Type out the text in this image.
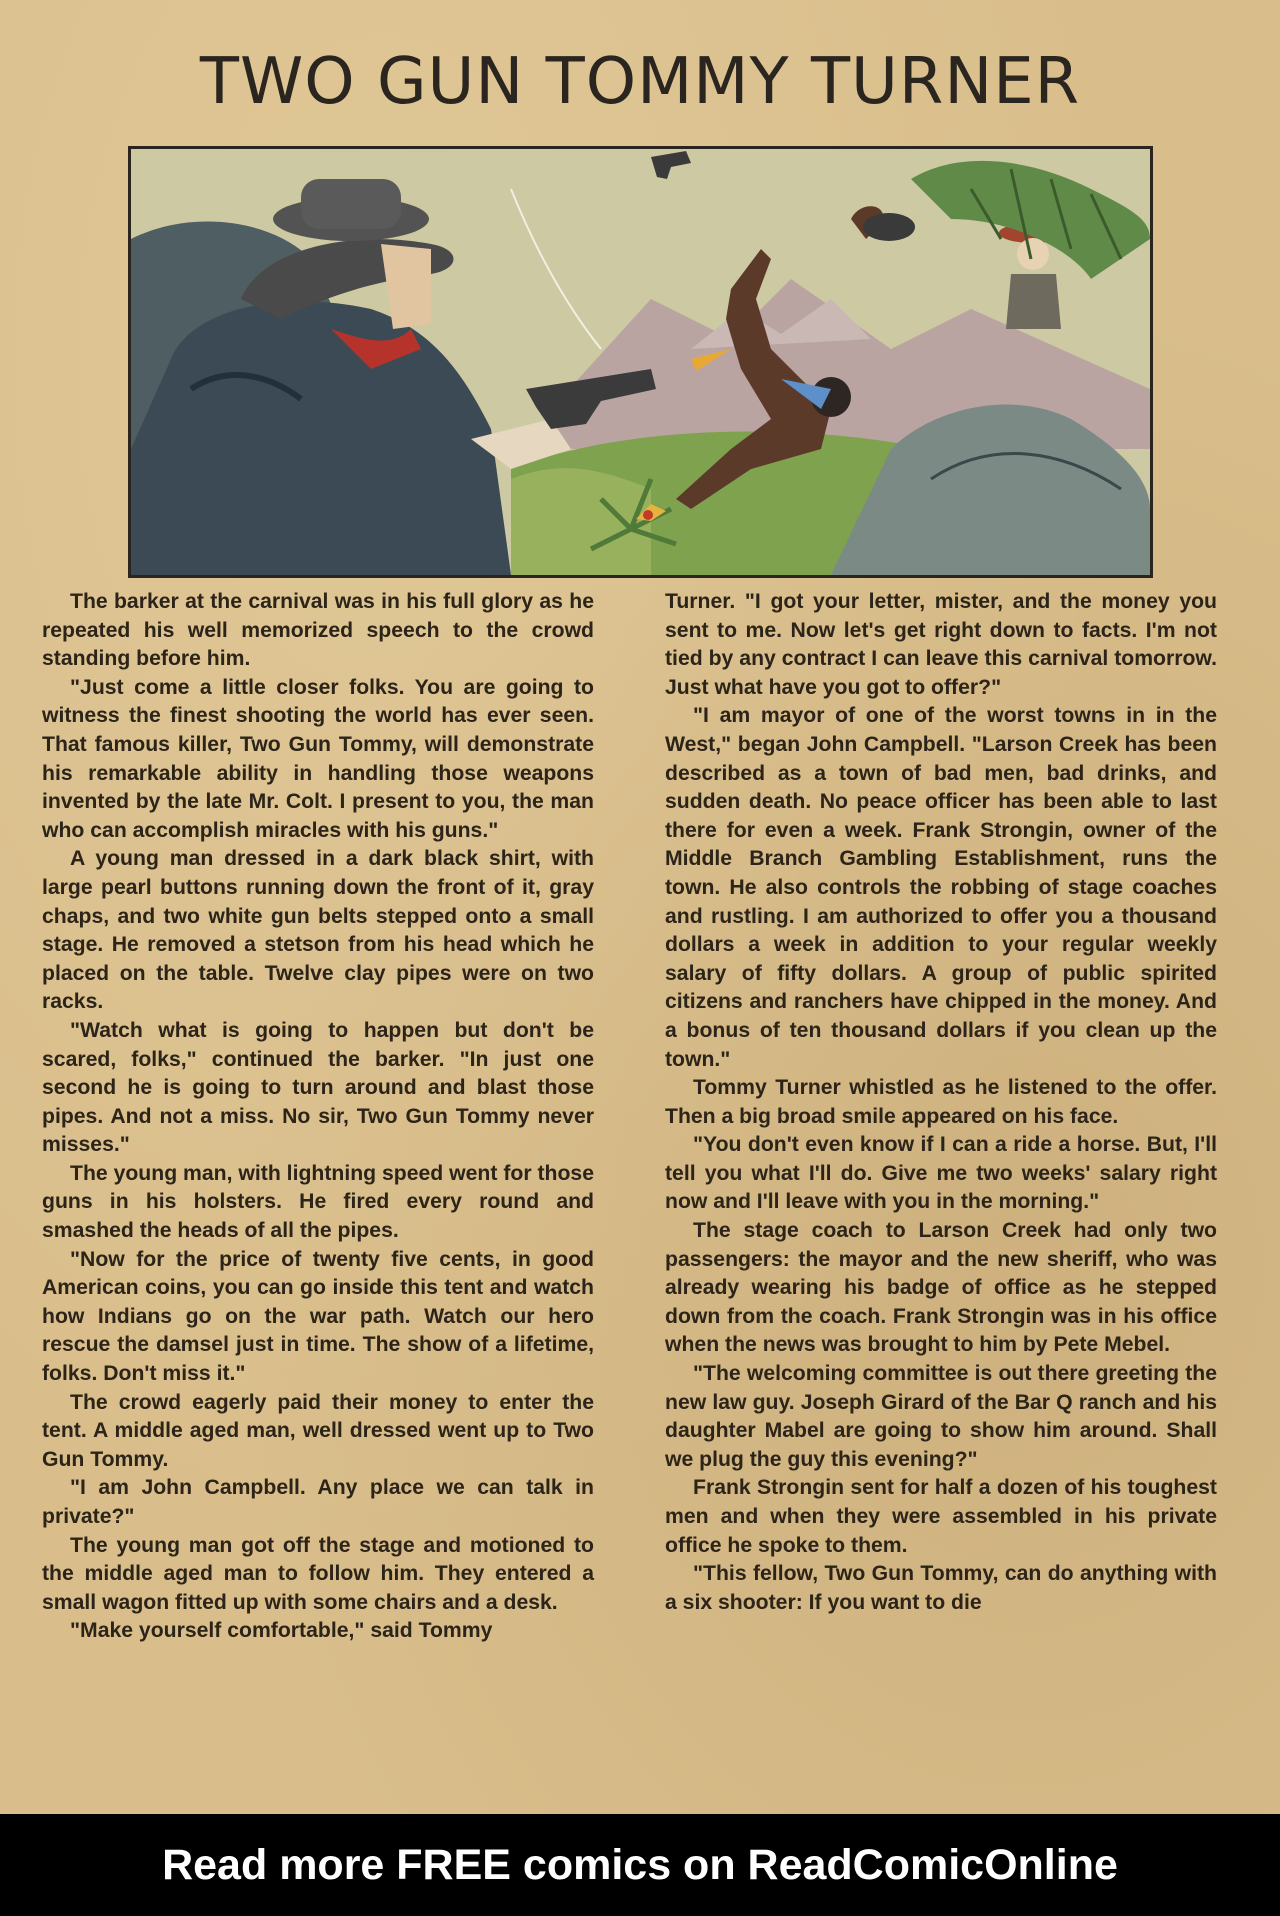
TWO GUN TOMMY TURNER

The barker at the carnival was in his full glory as he repeated his well memorized speech to the crowd standing before him.

"Just come a little closer folks. You are going to witness the finest shooting the world has ever seen. That famous killer, Two Gun Tommy, will demonstrate his remarkable ability in handling those weapons invented by the late Mr. Colt. I present to you, the man who can accomplish miracles with his guns."

A young man dressed in a dark black shirt, with large pearl buttons running down the front of it, gray chaps, and two white gun belts stepped onto a small stage. He removed a stetson from his head which he placed on the table. Twelve clay pipes were on two racks.

"Watch what is going to happen but don't be scared, folks," continued the barker. "In just one second he is going to turn around and blast those pipes. And not a miss. No sir, Two Gun Tommy never misses."

The young man, with lightning speed went for those guns in his holsters. He fired every round and smashed the heads of all the pipes.

"Now for the price of twenty five cents, in good American coins, you can go inside this tent and watch how Indians go on the war path. Watch our hero rescue the damsel just in time. The show of a lifetime, folks. Don't miss it."

The crowd eagerly paid their money to enter the tent. A middle aged man, well dressed went up to Two Gun Tommy.

"I am John Campbell. Any place we can talk in private?"

The young man got off the stage and motioned to the middle aged man to follow him. They entered a small wagon fitted up with some chairs and a desk.

"Make yourself comfortable," said Tommy

Turner. "I got your letter, mister, and the money you sent to me. Now let's get right down to facts. I'm not tied by any contract I can leave this carnival tomorrow. Just what have you got to offer?"

"I am mayor of one of the worst towns in in the West," began John Campbell. "Larson Creek has been described as a town of bad men, bad drinks, and sudden death. No peace officer has been able to last there for even a week. Frank Strongin, owner of the Middle Branch Gambling Establishment, runs the town. He also controls the robbing of stage coaches and rustling. I am authorized to offer you a thousand dollars a week in addition to your regular weekly salary of fifty dollars. A group of public spirited citizens and ranchers have chipped in the money. And a bonus of ten thousand dollars if you clean up the town."

Tommy Turner whistled as he listened to the offer. Then a big broad smile appeared on his face.

"You don't even know if I can a ride a horse. But, I'll tell you what I'll do. Give me two weeks' salary right now and I'll leave with you in the morning."

The stage coach to Larson Creek had only two passengers: the mayor and the new sheriff, who was already wearing his badge of office as he stepped down from the coach. Frank Strongin was in his office when the news was brought to him by Pete Mebel.

"The welcoming committee is out there greeting the new law guy. Joseph Girard of the Bar Q ranch and his daughter Mabel are going to show him around. Shall we plug the guy this evening?"

Frank Strongin sent for half a dozen of his toughest men and when they were assembled in his private office he spoke to them.

"This fellow, Two Gun Tommy, can do anything with a six shooter: If you want to die

Read more FREE comics on ReadComicOnline
